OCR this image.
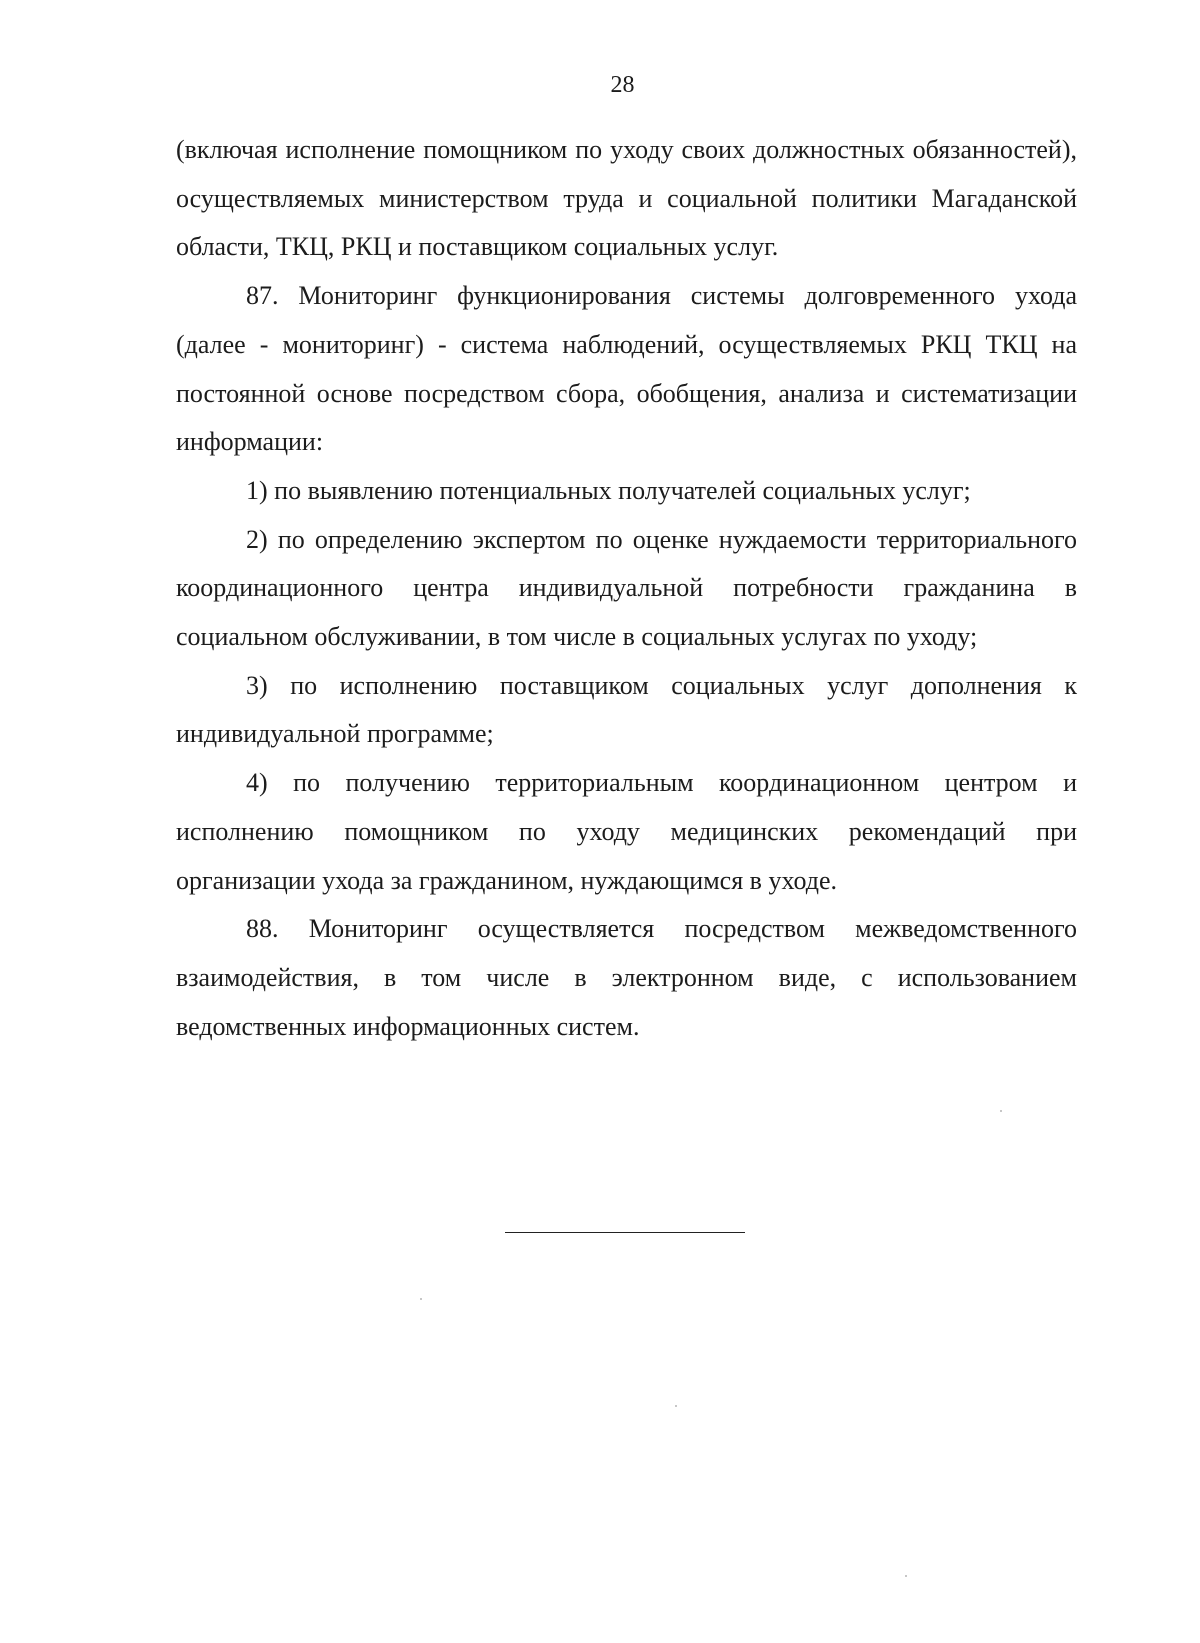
28

(включая исполнение помощником по уходу своих должностных обязанностей), осуществляемых министерством труда и социальной политики Магаданской области, ТКЦ, РКЦ и поставщиком социальных услуг.

87. Мониторинг функционирования системы долговременного ухода (далее - мониторинг) - система наблюдений, осуществляемых РКЦ ТКЦ на постоянной основе посредством сбора, обобщения, анализа и систематизации информации:

1) по выявлению потенциальных получателей социальных услуг;

2) по определению экспертом по оценке нуждаемости территориального координационного центра индивидуальной потребности гражданина в социальном обслуживании, в том числе в социальных услугах по уходу;

3) по исполнению поставщиком социальных услуг дополнения к индивидуальной программе;

4) по получению территориальным координационном центром и исполнению помощником по уходу медицинских рекомендаций при организации ухода за гражданином, нуждающимся в уходе.

88. Мониторинг осуществляется посредством межведомственного взаимодействия, в том числе в электронном виде, с использованием ведомственных информационных систем.
